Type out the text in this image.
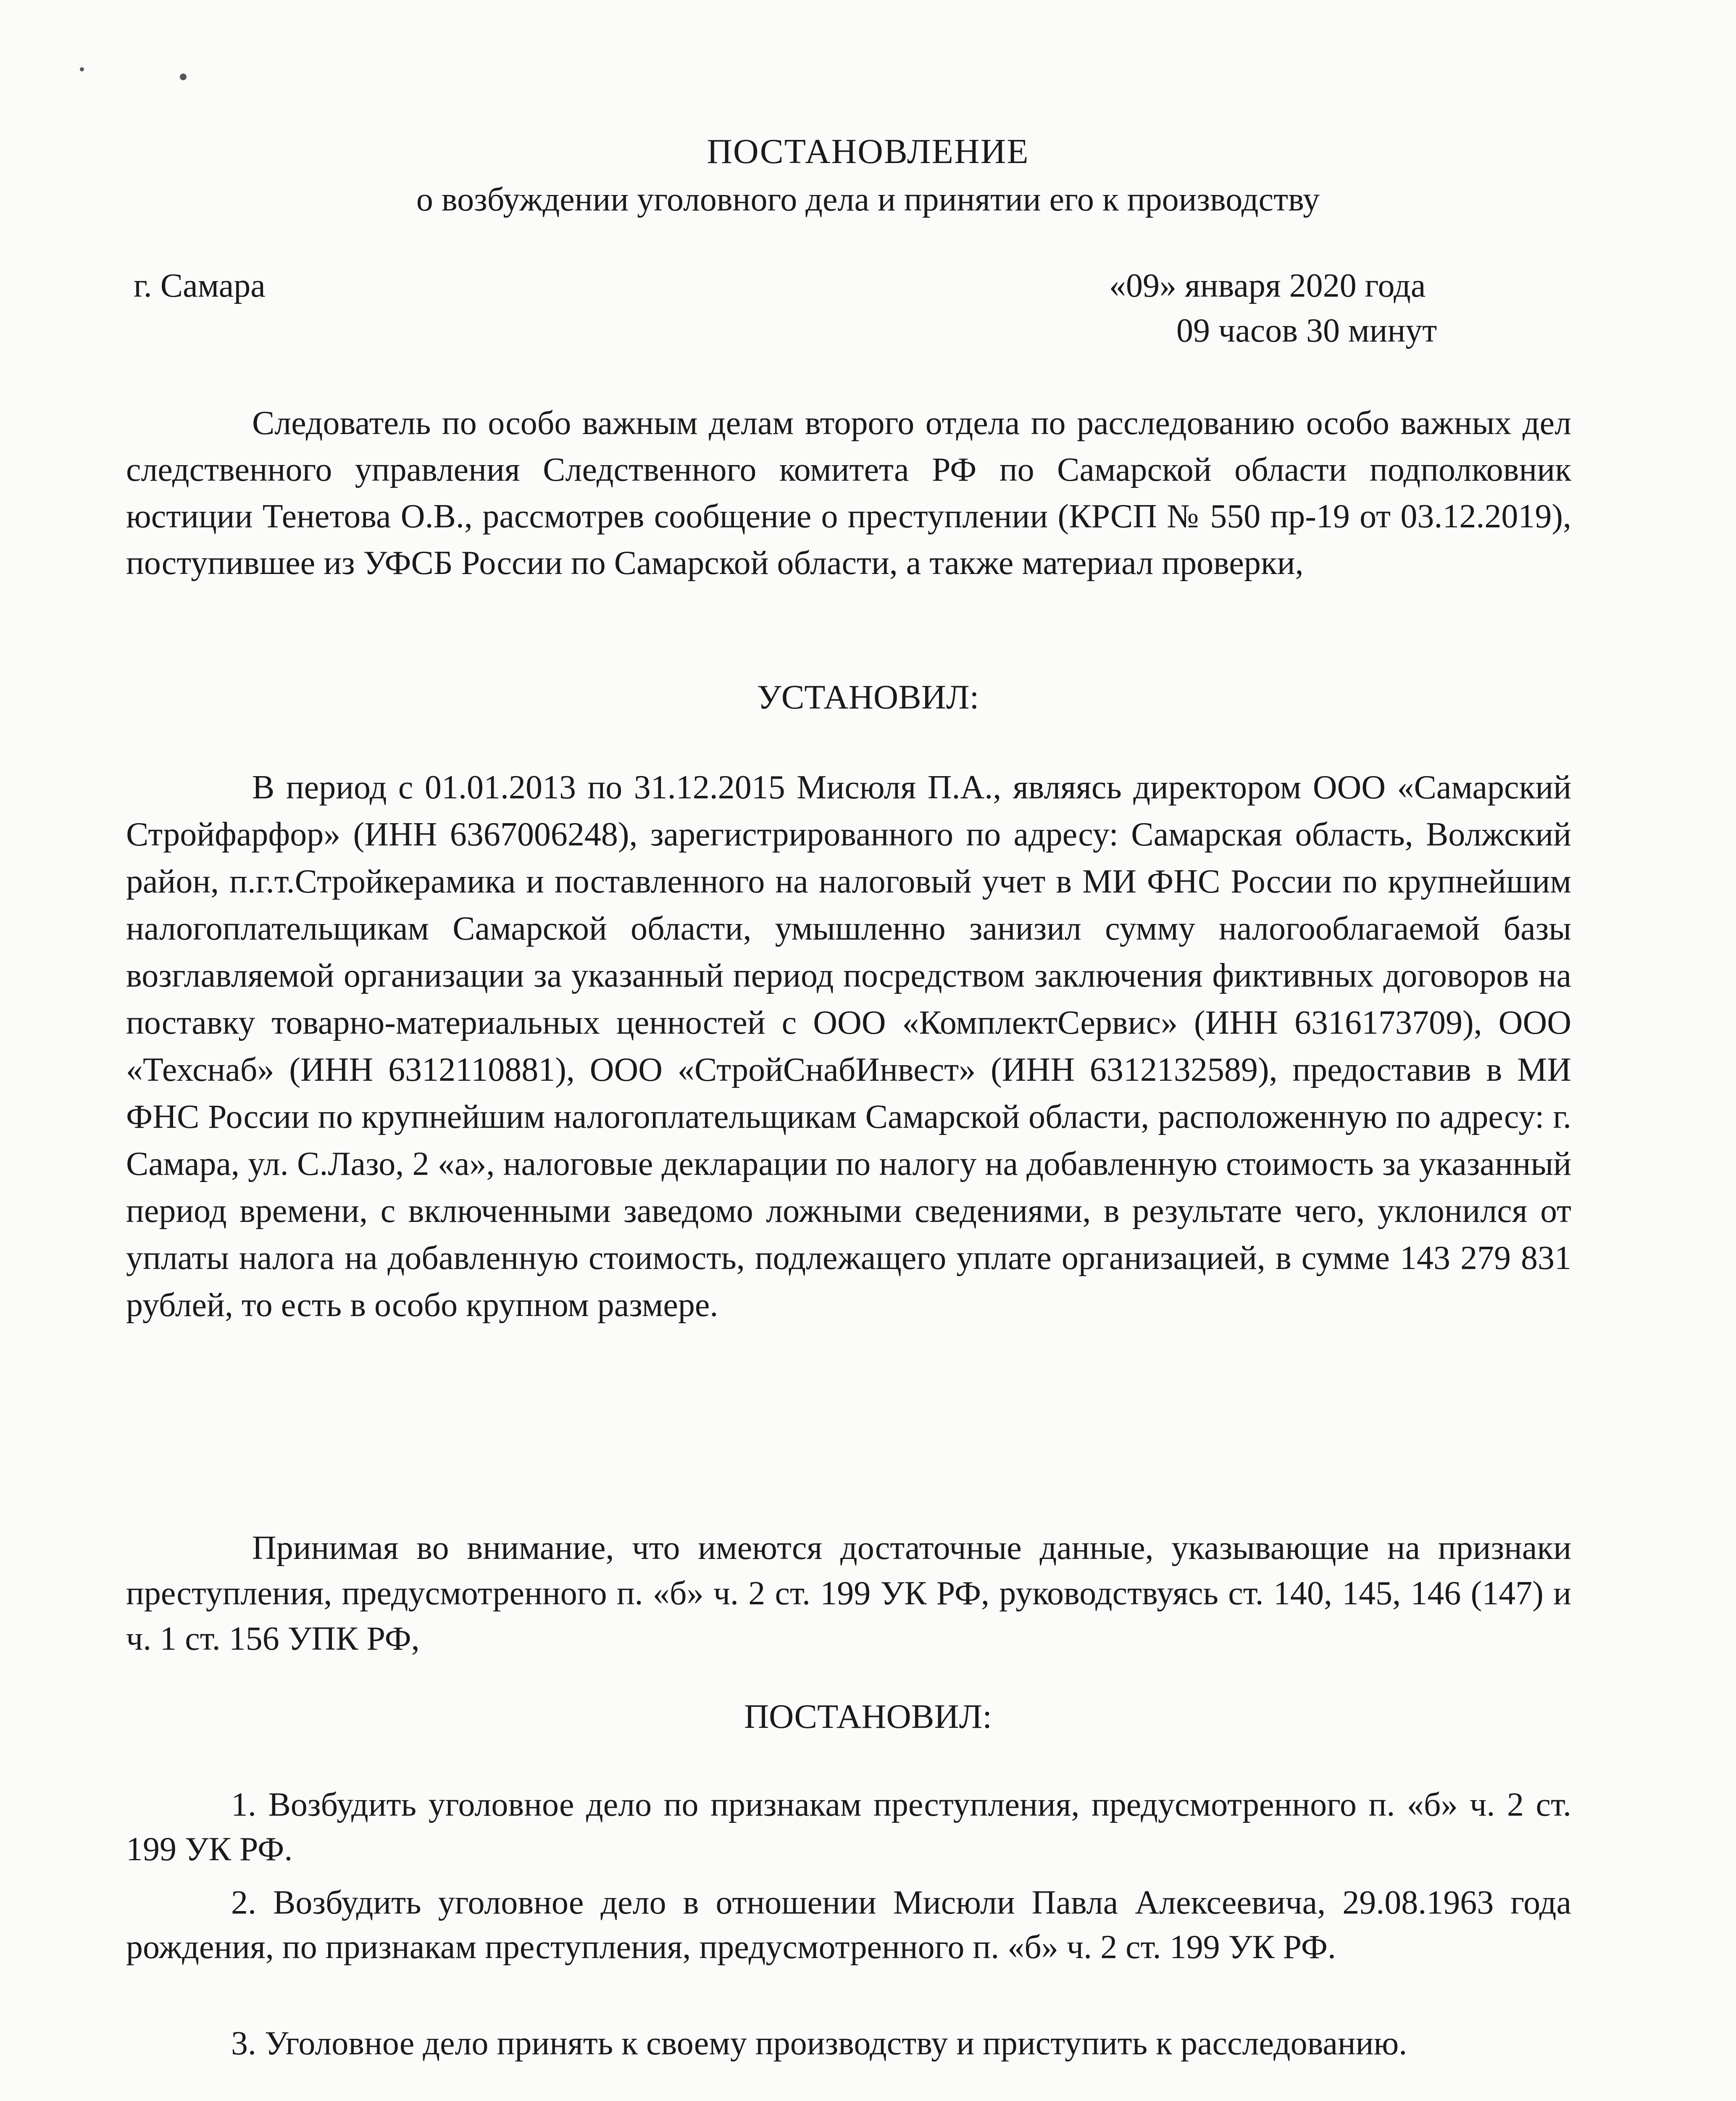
ПОСТАНОВЛЕНИЕ
о возбуждении уголовного дела и принятии его к производству
г. Самара	«09» января 2020 года
09 часов 30 минут

Следователь по особо важным делам второго отдела по расследованию особо важных дел следственного управления Следственного комитета РФ по Самарской области подполковник юстиции Тенетова О.В., рассмотрев сообщение о преступлении (КРСП № 550 пр-19 от 03.12.2019), поступившее из УФСБ России по Самарской области, а также материал проверки,

УСТАНОВИЛ:

В период с 01.01.2013 по 31.12.2015 Мисюля П.А., являясь директором ООО «Самарский Стройфарфор» (ИНН 6367006248), зарегистрированного по адресу: Самарская область, Волжский район, п.г.т.Стройкерамика и поставленного на налоговый учет в МИ ФНС России по крупнейшим налогоплательщикам Самарской области, умышленно занизил сумму налогооблагаемой базы возглавляемой организации за указанный период посредством заключения фиктивных договоров на поставку товарно-материальных ценностей с ООО «КомплектСервис» (ИНН 6316173709), ООО «Техснаб» (ИНН 6312110881), ООО «СтройСнабИнвест» (ИНН 6312132589), предоставив в МИ ФНС России по крупнейшим налогоплательщикам Самарской области, расположенную по адресу: г. Самара, ул. С.Лазо, 2 «а», налоговые декларации по налогу на добавленную стоимость за указанный период времени, с включенными заведомо ложными сведениями, в результате чего, уклонился от уплаты налога на добавленную стоимость, подлежащего уплате организацией, в сумме 143 279 831 рублей, то есть в особо крупном размере.

Принимая во внимание, что имеются достаточные данные, указывающие на признаки преступления, предусмотренного п. «б» ч. 2 ст. 199 УК РФ, руководствуясь ст. 140, 145, 146 (147) и ч. 1 ст. 156 УПК РФ,

ПОСТАНОВИЛ:

1. Возбудить уголовное дело по признакам преступления, предусмотренного п. «б» ч. 2 ст. 199 УК РФ.

2. Возбудить уголовное дело в отношении Мисюли Павла Алексеевича, 29.08.1963 года рождения, по признакам преступления, предусмотренного п. «б» ч. 2 ст. 199 УК РФ.

3. Уголовное дело принять к своему производству и приступить к расследованию.
